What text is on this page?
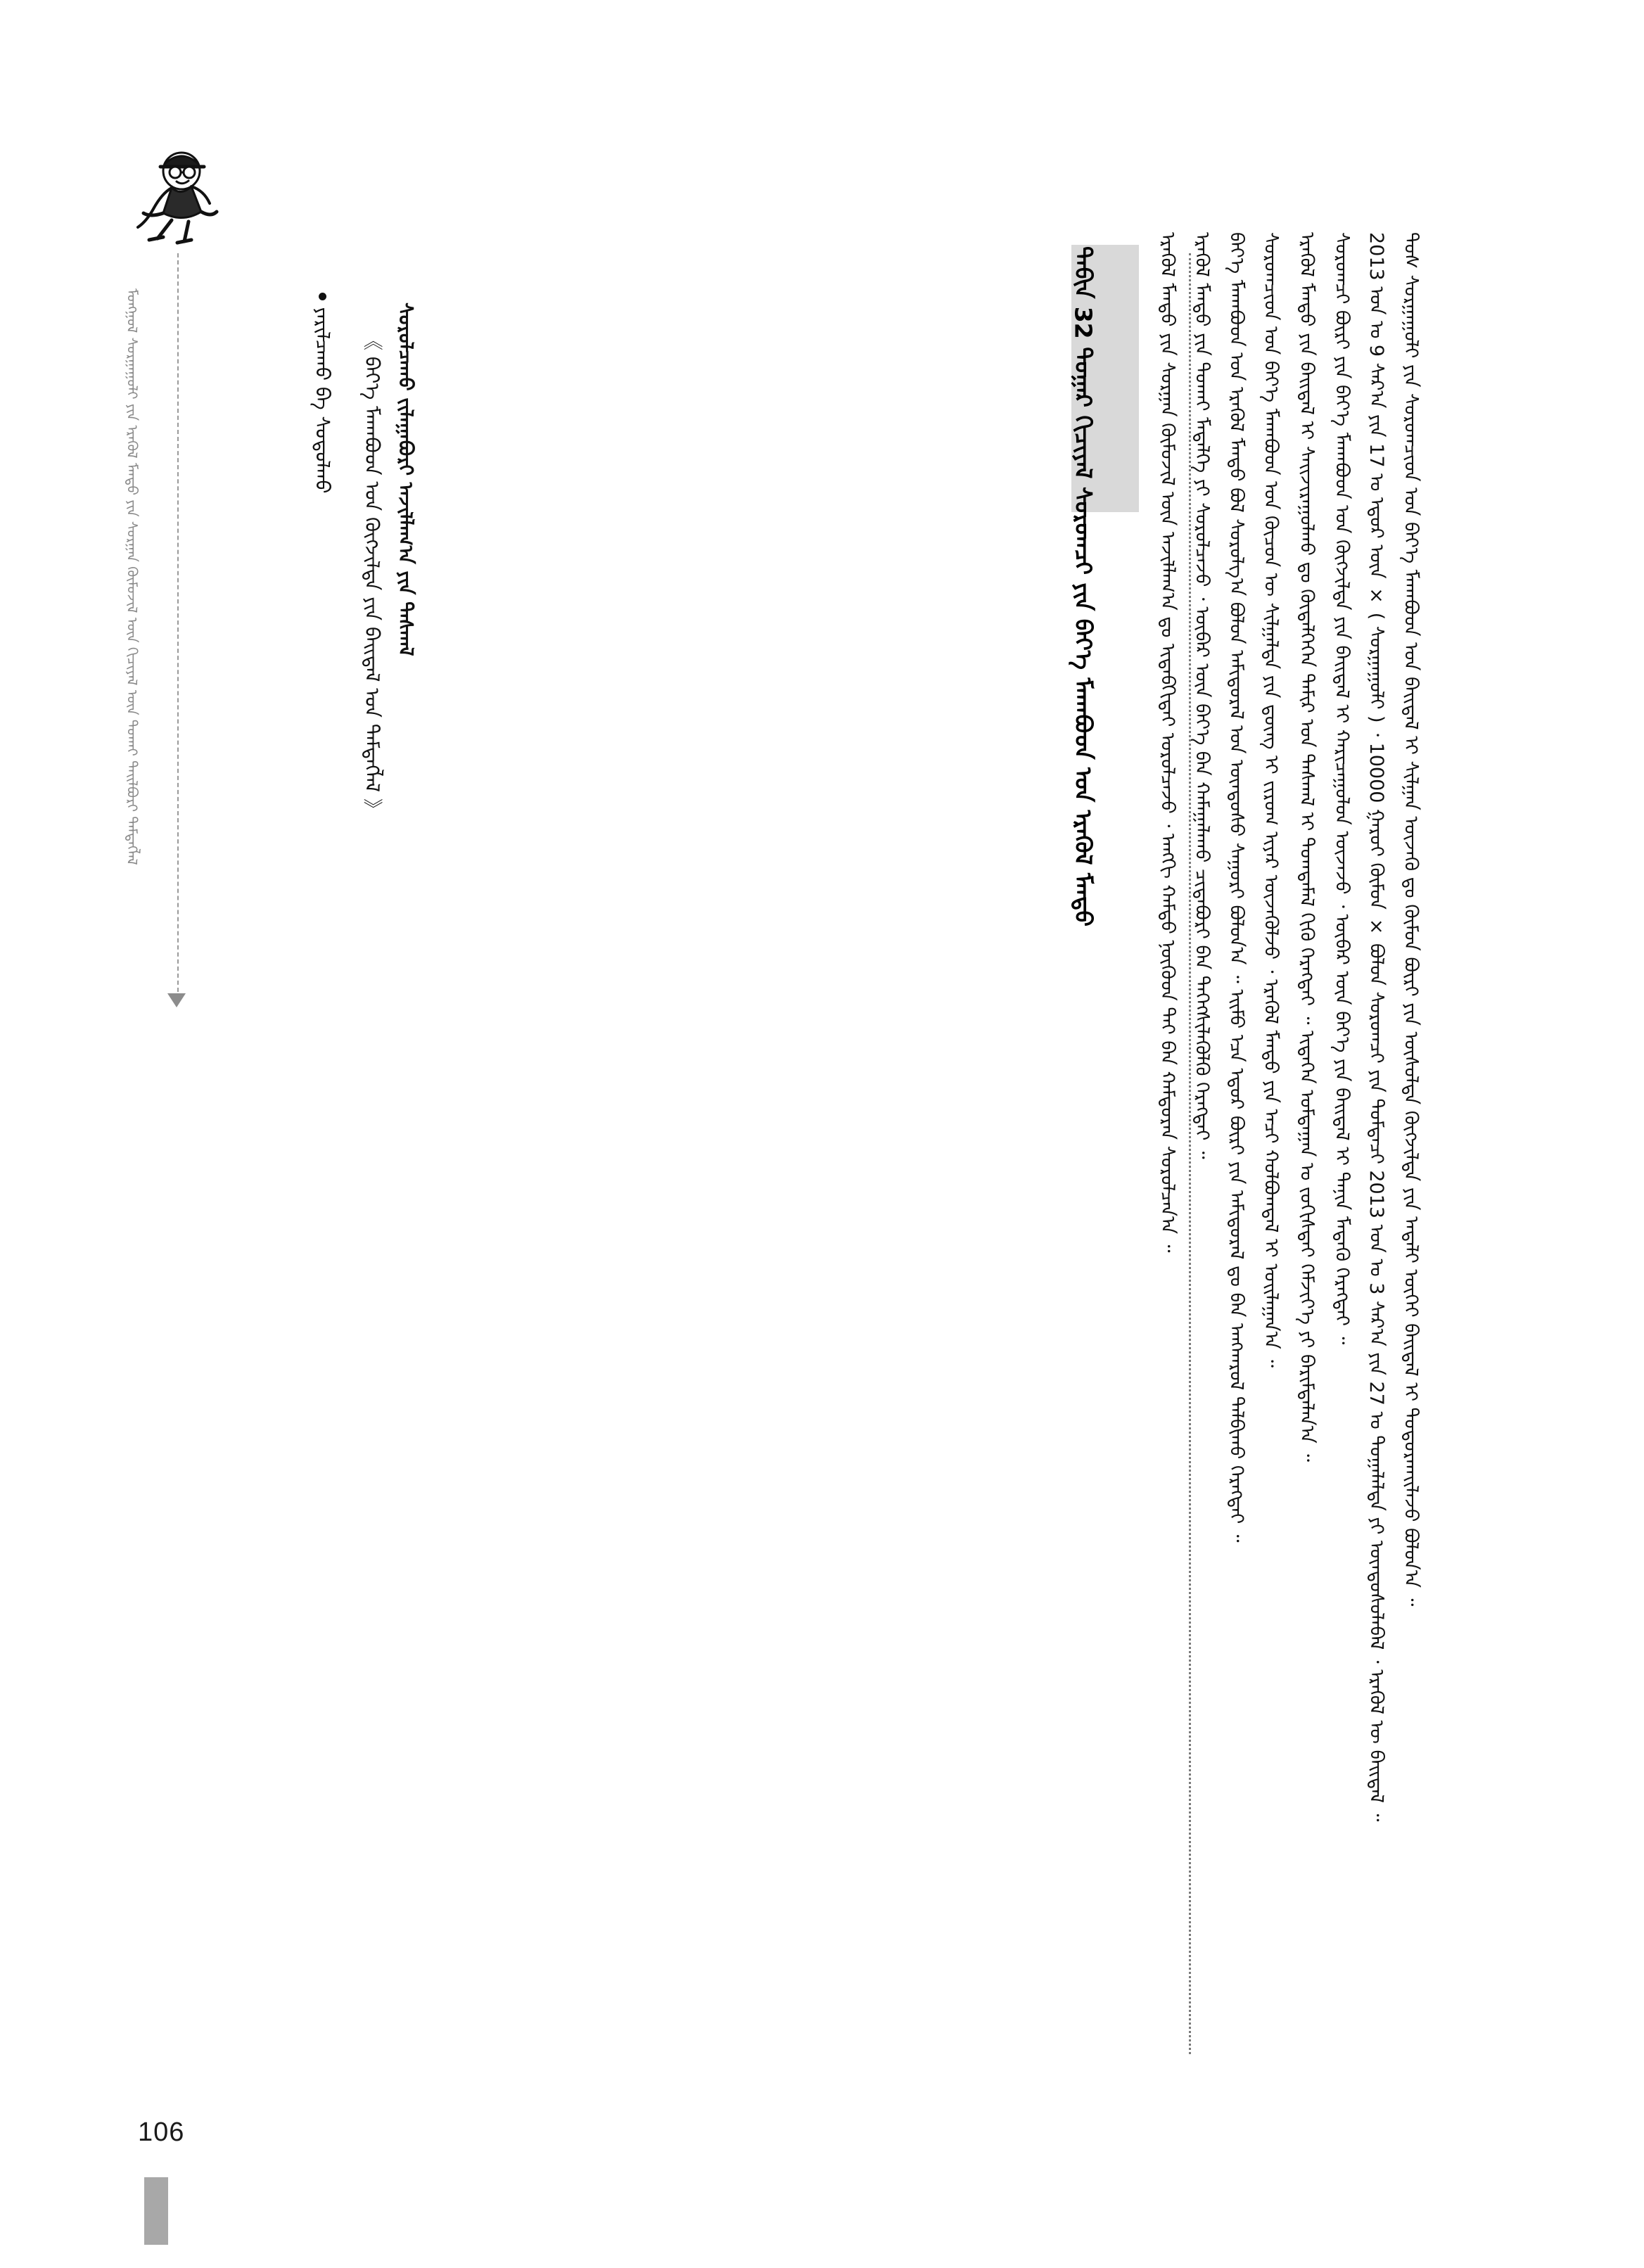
ᠲᠠᠪᠢᠨ 32 ᠳᠤᠭᠠᠷ ᠬᠢᠴᠢᠶᠡᠯ ᠰᠤᠷᠤᠭᠴᠢ ᠶᠢᠨ ᠪᠡᠶ᠎ᠡ ᠮᠠᠬᠠᠪᠤᠳ ᠤᠨ ᠡᠷᠡᠭᠦᠯ ᠮᠡᠨᠳᠦ	ᠲᠤᠰ ᠰᠤᠷᠭᠠᠭᠤᠯᠢ ᠶᠢᠨ ᠰᠤᠷᠤᠭᠴᠢᠳ ᠤᠨ ᠪᠡᠶ᠎ᠡ ᠮᠠᠬᠠᠪᠤᠳ ᠤᠨ ᠪᠠᠢᠳᠠᠯ ᠢ ᠰᠢᠯᠭᠠᠨ ᠦᠵᠡᠬᠦ ᠳᠤ ᠬᠥᠮᠦᠨ ᠪᠦᠷᠢ ᠶᠢᠨ ᠥᠰᠦᠯᠲᠡ ᠬᠥᠭᠵᠢᠯᠲᠡ ᠶᠢᠨ ᠠᠳᠠᠯᠢ ᠦᠭᠡᠢ ᠪᠠᠢᠳᠠᠯ ᠢ ᠲᠤᠳᠤᠷᠬᠠᠢᠯᠠᠵᠤ ᠪᠤᠯᠤᠨ᠎ᠠ ᠃
2013 ᠣᠨ ᠤ 9 ᠰᠠᠷ᠎ᠠ ᠶᠢᠨ 17 ᠤ ᠡᠳᠦᠷ ᠦᠨ × ( ᠰᠤᠷᠭᠠᠭᠤᠯᠢ ) ᠂ 10000 ᠭᠠᠷᠤᠢ ᠬᠦᠮᠦᠨ × ᠪᠣᠯᠤᠨ ᠰᠤᠷᠤᠭᠴᠢ ᠶᠢᠨ ᠳᠤᠮᠳᠠᠴᠢ 2013 ᠣᠨ ᠤ 3 ᠰᠠᠷ᠎ᠠ ᠶᠢᠨ 27 ᠤ ᠲᠣᠭᠠᠯᠠᠯᠲᠠ ᠶᠢ ᠦᠨᠳᠦᠰᠦᠯᠡᠪᠡᠯ ᠂ ᠡᠷᠡᠭᠦᠯ ᠦ ᠪᠠᠢᠳᠠᠯ ᠃
ᠰᠤᠷᠤᠭᠴᠢ ᠪᠦᠷᠢ ᠶᠢᠨ ᠪᠡᠶ᠎ᠡ ᠮᠠᠬᠠᠪᠤᠳ ᠤᠨ ᠬᠥᠭᠵᠢᠯᠲᠡ ᠶᠢᠨ ᠪᠠᠢᠳᠠᠯ ᠢ ᠬᠠᠷᠢᠴᠠᠭᠤᠯᠤᠨ ᠦᠵᠡᠵᠦ ᠂ ᠥᠪᠡᠷ ᠦᠨ ᠪᠡᠶ᠎ᠡ ᠶᠢᠨ ᠪᠠᠢᠳᠠᠯ ᠢ ᠲᠠᠨᠢᠨ ᠮᠡᠳᠡᠬᠦ ᠬᠡᠷᠡᠭᠲᠡᠢ ᠃
ᠡᠷᠡᠭᠦᠯ ᠮᠡᠨᠳᠦ ᠶᠢᠨ ᠪᠠᠢᠳᠠᠯ ᠢ ᠰᠠᠢᠵᠢᠷᠠᠭᠤᠯᠬᠤ ᠳᠤ ᠬᠥᠳᠡᠯᠭᠡᠭᠡᠨ ᠲᠠᠮᠢᠷ ᠤᠨ ᠳᠠᠰᠬᠠᠯ ᠢ ᠲᠣᠭᠲᠠᠮᠠᠯ ᠬᠢᠬᠦ ᠬᠡᠷᠡᠭᠲᠡᠢ ᠃ ᠢᠳᠡᠭᠡᠨ ᠤᠮᠳᠠᠭᠠᠨ ᠤ ᠵᠣᠬᠢᠰᠲᠠᠢ ᠬᠡᠮᠵᠢᠶ᠎ᠡ ᠶᠢ ᠪᠠᠷᠢᠮᠲᠠᠯᠠᠨ᠎ᠠ ᠃
ᠰᠤᠷᠤᠭᠴᠢᠳ ᠤᠨ ᠪᠡᠶ᠎ᠡ ᠮᠠᠬᠠᠪᠤᠳ ᠤᠨ ᠬᠦᠴᠦᠨ ᠦ ᠰᠢᠯᠭᠠᠯᠲᠠ ᠶᠢᠨ ᠳ᠋ᠦᠩ ᠢ ᠵᠢᠷᠤᠭ ᠢᠶᠠᠷ ᠦᠵᠡᠭᠦᠯᠵᠦ ᠂ ᠡᠷᠡᠭᠦᠯ ᠮᠡᠨᠳᠦ ᠶᠢᠨ ᠠᠴᠢ ᠬᠣᠯᠪᠣᠭᠳᠠᠯ ᠢ ᠣᠢᠯᠠᠭᠠᠨ᠎ᠠ ᠃
ᠪᠡᠶ᠎ᠡ ᠮᠠᠬᠠᠪᠤᠳ ᠤᠨ ᠡᠷᠡᠭᠦᠯ ᠮᠡᠨᠳᠦ ᠪᠣᠯ ᠰᠤᠷᠤᠯᠭ᠎ᠠ ᠪᠣᠯᠤᠨ ᠠᠮᠢᠳᠤᠷᠠᠯ ᠤᠨ ᠦᠨᠳᠦᠰᠦ ᠰᠠᠭᠤᠷᠢ ᠪᠣᠯᠤᠨ᠎ᠠ ᠃ ᠡᠢᠮᠦ ᠡᠴᠡ ᠡᠳᠦᠷ ᠪᠦᠷᠢ ᠶᠢᠨ ᠠᠮᠢᠳᠤᠷᠠᠯ ᠳᠤ ᠪᠠᠨ ᠠᠩᠬᠠᠷᠤᠯ ᠲᠠᠯᠪᠢᠬᠤ ᠬᠡᠷᠡᠭᠲᠡᠢ ᠃
ᠡᠷᠡᠭᠦᠯ ᠮᠡᠨᠳᠦ ᠶᠢᠨ ᠲᠤᠬᠠᠢ ᠮᠡᠳᠡᠯᠭᠡ ᠶᠢ ᠰᠤᠷᠤᠯᠴᠠᠵᠤ ᠂ ᠥᠪᠡᠷ ᠦᠨ ᠪᠡᠶ᠎ᠡ ᠪᠡᠨ ᠬᠠᠮᠠᠭᠠᠯᠠᠬᠤ ᠴᠢᠳᠠᠪᠤᠷᠢ ᠪᠠᠨ ᠳᠡᠭᠡᠭᠰᠢᠯᠡᠭᠦᠯᠬᠦ ᠬᠡᠷᠡᠭᠲᠡᠢ ᠃
ᠡᠷᠡᠭᠦᠯ ᠮᠡᠨᠳᠦ ᠶᠢᠨ ᠰᠤᠷᠭᠠᠨ ᠬᠥᠮᠦᠵᠢᠯ ᠦᠨ ᠠᠵᠢᠯᠯᠠᠭ᠎ᠠ ᠳᠤ ᠢᠳᠡᠪᠬᠢᠲᠡᠢ ᠣᠷᠣᠯᠴᠠᠵᠤ ᠂ ᠠᠩᠭᠢ ᠬᠠᠮᠲᠤ ᠨᠥᠬᠥᠳ ᠲᠡᠢ ᠪᠡᠨ ᠬᠠᠮᠲᠤᠷᠠᠨ ᠰᠤᠷᠤᠯᠴᠠᠨ᠎ᠠ ᠃
ᠰᠤᠷᠤᠯᠴᠠᠬᠤ ᠵᠢᠯᠠᠭᠠᠪᠤᠷᠢ ᠠᠵᠢᠯᠯᠠᠭ᠎ᠠ ᠶᠢᠨ ᠳᠠᠰᠬᠠᠯ
《 ᠪᠡᠶ᠎ᠡ ᠮᠠᠬᠠᠪᠤᠳ ᠤᠨ ᠬᠥᠭᠵᠢᠯᠲᠡ ᠶᠢᠨ ᠪᠠᠢᠳᠠᠯ ᠤᠨ ᠲᠡᠮᠳᠡᠭᠯᠡᠯ 》

ᠶᠠᠷᠢᠯᠴᠠᠬᠤ ᠪᠠ ᠰᠤᠳᠤᠯᠬᠤ

ᠮᠣᠩᠭᠣᠯ ᠰᠤᠷᠭᠠᠭᠤᠯᠢ ᠶᠢᠨ ᠡᠷᠡᠭᠦᠯ ᠮᠡᠨᠳᠦ ᠶᠢᠨ ᠰᠤᠷᠭᠠᠨ ᠬᠥᠮᠦᠵᠢᠯ ᠦᠨ ᠬᠢᠴᠢᠶᠡᠯ ᠦᠨ ᠲᠤᠬᠠᠢ ᠲᠠᠢᠯᠪᠤᠷᠢ ᠲᠡᠮᠳᠡᠭᠯᠡᠯ
106
